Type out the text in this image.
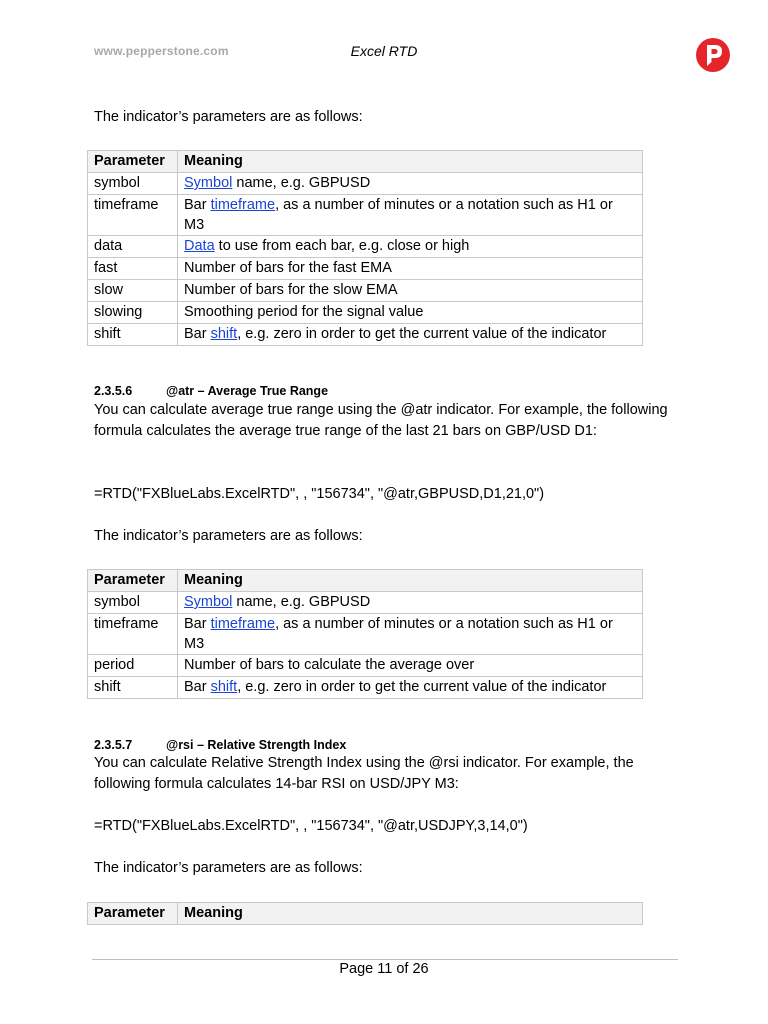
www.pepperstone.com	Excel RTD

The indicator’s parameters are as follows:

Parameter	Meaning
symbol	Symbol name, e.g. GBPUSD
timeframe	Bar timeframe, as a number of minutes or a notation such as H1 or M3
data	Data to use from each bar, e.g. close or high
fast	Number of bars for the fast EMA
slow	Number of bars for the slow EMA
slowing	Smoothing period for the signal value
shift	Bar shift, e.g. zero in order to get the current value of the indicator
2.3.5.6	@atr – Average True Range

You can calculate average true range using the @atr indicator. For example, the following formula calculates the average true range of the last 21 bars on GBP/USD D1:

=RTD("FXBlueLabs.ExcelRTD", , "156734", "@atr,GBPUSD,D1,21,0")

The indicator’s parameters are as follows:

Parameter	Meaning
symbol	Symbol name, e.g. GBPUSD
timeframe	Bar timeframe, as a number of minutes or a notation such as H1 or M3
period	Number of bars to calculate the average over
shift	Bar shift, e.g. zero in order to get the current value of the indicator
2.3.5.7	@rsi – Relative Strength Index

You can calculate Relative Strength Index using the @rsi indicator. For example, the following formula calculates 14-bar RSI on USD/JPY M3:

=RTD("FXBlueLabs.ExcelRTD", , "156734", "@atr,USDJPY,3,14,0")

The indicator’s parameters are as follows:

Parameter	Meaning
Page 11 of 26
